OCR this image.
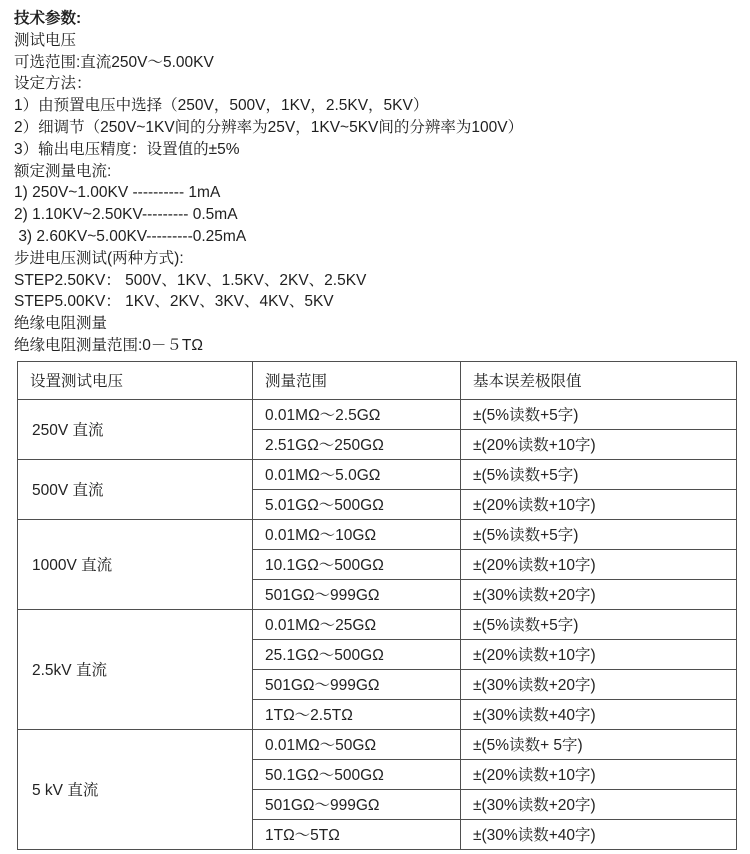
技术参数:
测试电压
可选范围:直流250V～5.00KV
设定方法：
1）由预置电压中选择（250V，500V，1KV，2.5KV，5KV）
2）细调节（250V~1KV间的分辨率为25V，1KV~5KV间的分辨率为100V）
3）输出电压精度：设置值的±5%
额定测量电流:
1) 250V~1.00KV ---------- 1mA
2) 1.10KV~2.50KV--------- 0.5mA
3) 2.60KV~5.00KV---------0.25mA
步进电压测试(两种方式):
STEP2.50KV： 500V、1KV、1.5KV、2KV、2.5KV
STEP5.00KV： 1KV、2KV、3KV、4KV、5KV
绝缘电阻测量
绝缘电阻测量范围:0－５TΩ
设置测试电压	测量范围	基本误差极限值
250V 直流	0.01MΩ～2.5GΩ	±(5%读数+5字)
	2.51GΩ～250GΩ	±(20%读数+10字)
500V 直流	0.01MΩ～5.0GΩ	±(5%读数+5字)
	5.01GΩ～500GΩ	±(20%读数+10字)
1000V 直流	0.01MΩ～10GΩ	±(5%读数+5字)
	10.1GΩ～500GΩ	±(20%读数+10字)
	501GΩ～999GΩ	±(30%读数+20字)
2.5kV 直流	0.01MΩ～25GΩ	±(5%读数+5字)
	25.1GΩ～500GΩ	±(20%读数+10字)
	501GΩ～999GΩ	±(30%读数+20字)
	1TΩ～2.5TΩ	±(30%读数+40字)
5 kV 直流	0.01MΩ～50GΩ	±(5%读数+ 5字)
	50.1GΩ～500GΩ	±(20%读数+10字)
	501GΩ～999GΩ	±(30%读数+20字)
	1TΩ～5TΩ	±(30%读数+40字)
